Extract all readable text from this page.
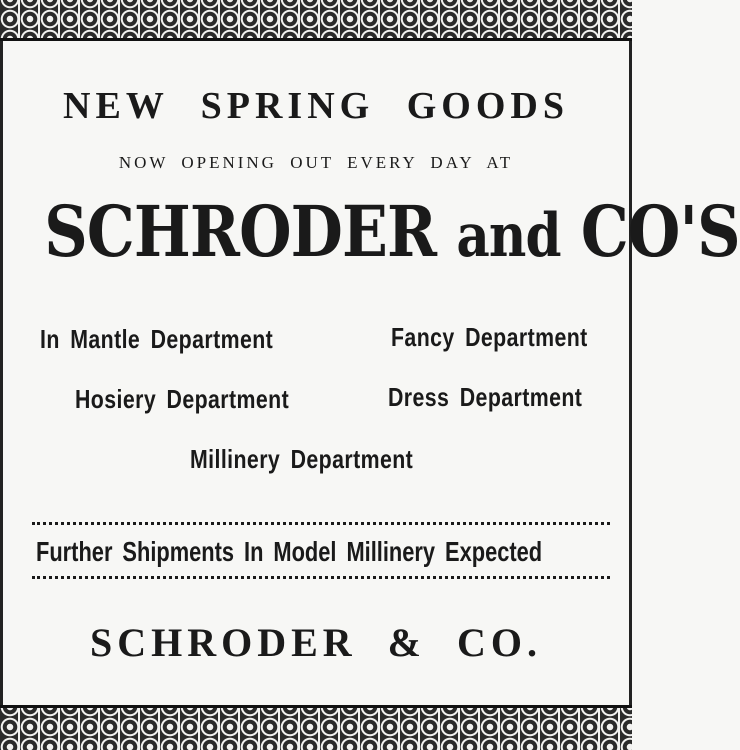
NEW SPRING GOODS
NOW OPENING OUT EVERY DAY AT
SCHRODER and CO'S
In Mantle Department	Fancy Department
Hosiery Department	Dress Department
Millinery Department
Further Shipments In Model Millinery Expected
SCHRODER & CO.
